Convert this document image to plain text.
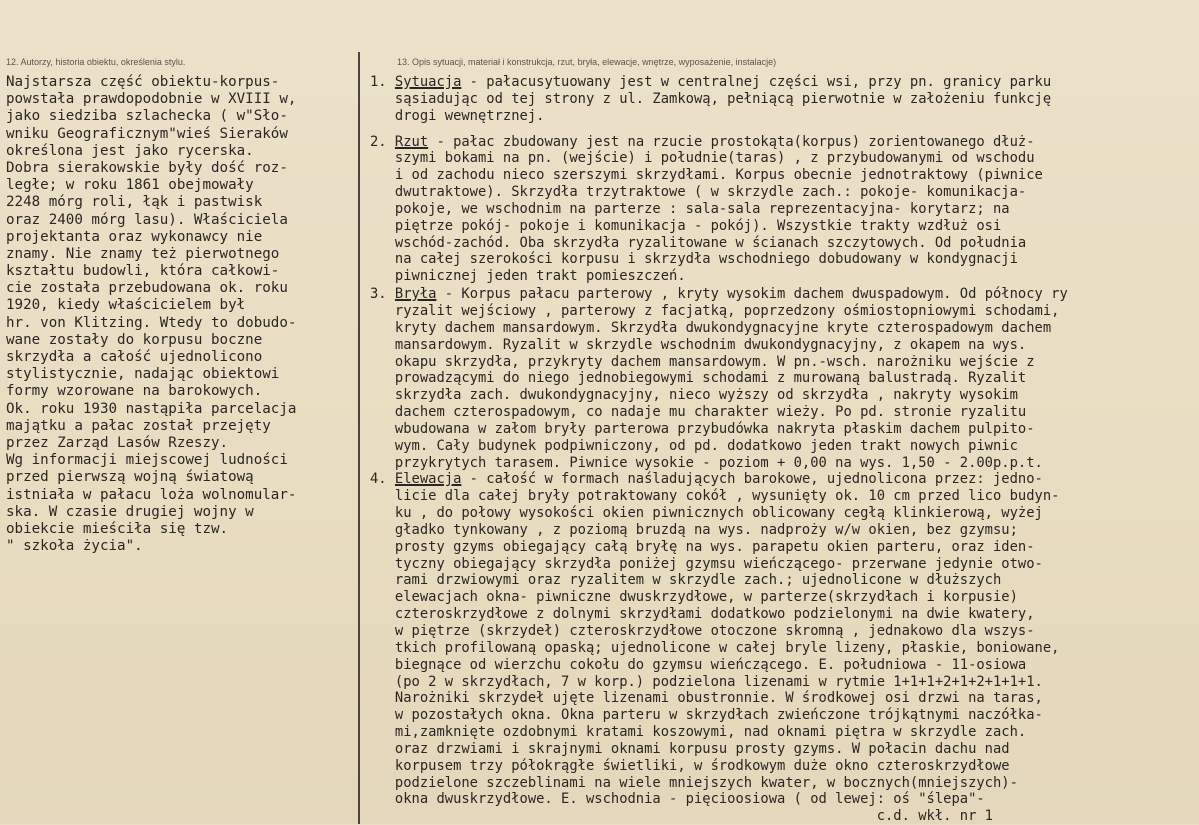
12. Autorzy, historia obiektu, określenia stylu.	13. Opis sytuacji, materiał i konstrukcja, rzut, bryła, elewacje, wnętrze, wyposażenie, instalacje)
Najstarsza część obiektu-korpus-
powstała prawdopodobnie w XVIII w,
jako siedziba szlachecka ( w"Sło-
wniku Geograficznym"wieś Sieraków
określona jest jako rycerska.
Dobra sierakowskie były dość roz-
ległe; w roku 1861 obejmowały
2248 mórg roli, łąk i pastwisk
oraz 2400 mórg lasu). Właściciela
projektanta oraz wykonawcy nie
znamy. Nie znamy też pierwotnego
kształtu budowli, która całkowi-
cie została przebudowana ok. roku
1920, kiedy właścicielem był
hr. von Klitzing. Wtedy to dobudo-
wane zostały do korpusu boczne
skrzydła a całość ujednolicono
stylistycznie, nadając obiektowi
formy wzorowane na barokowych.
Ok. roku 1930 nastąpiła parcelacja
majątku a pałac został przejęty
przez Zarząd Lasów Rzeszy.
Wg informacji miejscowej ludności
przed pierwszą wojną światową
istniała w pałacu loża wolnomular-
ska. W czasie drugiej wojny w
obiekcie mieściła się tzw.
" szkoła życia".
1. Sytuacja - pałacusytuowany jest w centralnej części wsi, przy pn. granicy parku
sąsiadując od tej strony z ul. Zamkową, pełniącą pierwotnie w założeniu funkcję
drogi wewnętrznej.
2. Rzut - pałac zbudowany jest na rzucie prostokąta(korpus) zorientowanego dłuż-
szymi bokami na pn. (wejście) i południe(taras) , z przybudowanymi od wschodu
i od zachodu nieco szerszymi skrzydłami. Korpus obecnie jednotraktowy (piwnice
dwutraktowe). Skrzydła trzytraktowe ( w skrzydle zach.: pokoje- komunikacja-
pokoje, we wschodnim na parterze : sala-sala reprezentacyjna- korytarz; na
piętrze pokój- pokoje i komunikacja - pokój). Wszystkie trakty wzdłuż osi
wschód-zachód. Oba skrzydła ryzalitowane w ścianach szczytowych. Od południa
na całej szerokości korpusu i skrzydła wschodniego dobudowany w kondygnacji
piwnicznej jeden trakt pomieszczeń.
3. Bryła - Korpus pałacu parterowy , kryty wysokim dachem dwuspadowym. Od północy ry
ryzalit wejściowy , parterowy z facjatką, poprzedzony ośmiostopniowymi schodami,
kryty dachem mansardowym. Skrzydła dwukondygnacyjne kryte czterospadowym dachem
mansardowym. Ryzalit w skrzydle wschodnim dwukondygnacyjny, z okapem na wys.
okapu skrzydła, przykryty dachem mansardowym. W pn.-wsch. narożniku wejście z
prowadzącymi do niego jednobiegowymi schodami z murowaną balustradą. Ryzalit
skrzydła zach. dwukondygnacyjny, nieco wyższy od skrzydła , nakryty wysokim
dachem czterospadowym, co nadaje mu charakter wieży. Po pd. stronie ryzalitu
wbudowana w załom bryły parterowa przybudówka nakryta płaskim dachem pulpito-
wym. Cały budynek podpiwniczony, od pd. dodatkowo jeden trakt nowych piwnic
przykrytych tarasem. Piwnice wysokie - poziom + 0,00 na wys. 1,50 - 2.00p.p.t.
4. Elewacja - całość w formach naśladujących barokowe, ujednolicona przez: jedno-
licie dla całej bryły potraktowany cokół , wysunięty ok. 10 cm przed lico budyn-
ku , do połowy wysokości okien piwnicznych oblicowany cegłą klinkierową, wyżej
gładko tynkowany , z poziomą bruzdą na wys. nadproży w/w okien, bez gzymsu;
prosty gzyms obiegający całą bryłę na wys. parapetu okien parteru, oraz iden-
tyczny obiegający skrzydła poniżej gzymsu wieńczącego- przerwane jedynie otwo-
rami drzwiowymi oraz ryzalitem w skrzydle zach.; ujednolicone w dłuższych
elewacjach okna- piwniczne dwuskrzydłowe, w parterze(skrzydłach i korpusie)
czteroskrzydłowe z dolnymi skrzydłami dodatkowo podzielonymi na dwie kwatery,
w piętrze (skrzydeł) czteroskrzydłowe otoczone skromną , jednakowo dla wszys-
tkich profilowaną opaską; ujednolicone w całej bryle lizeny, płaskie, boniowane,
biegnące od wierzchu cokołu do gzymsu wieńczącego. E. południowa - 11-osiowa
(po 2 w skrzydłach, 7 w korp.) podzielona lizenami w rytmie 1+1+1+2+1+2+1+1+1.
Narożniki skrzydeł ujęte lizenami obustronnie. W środkowej osi drzwi na taras,
w pozostałych okna. Okna parteru w skrzydłach zwieńczone trójkątnymi naczółka-
mi,zamknięte ozdobnymi kratami koszowymi, nad oknami piętra w skrzydle zach.
oraz drzwiami i skrajnymi oknami korpusu prosty gzyms. W połacin dachu nad
korpusem trzy półokrągłe świetliki, w środkowym duże okno czteroskrzydłowe
podzielone szczeblinami na wiele mniejszych kwater, w bocznych(mniejszych)-
okna dwuskrzydłowe. E. wschodnia - pięcioosiowa ( od lewej: oś "ślepa"-
c.d. wkł. nr 1
